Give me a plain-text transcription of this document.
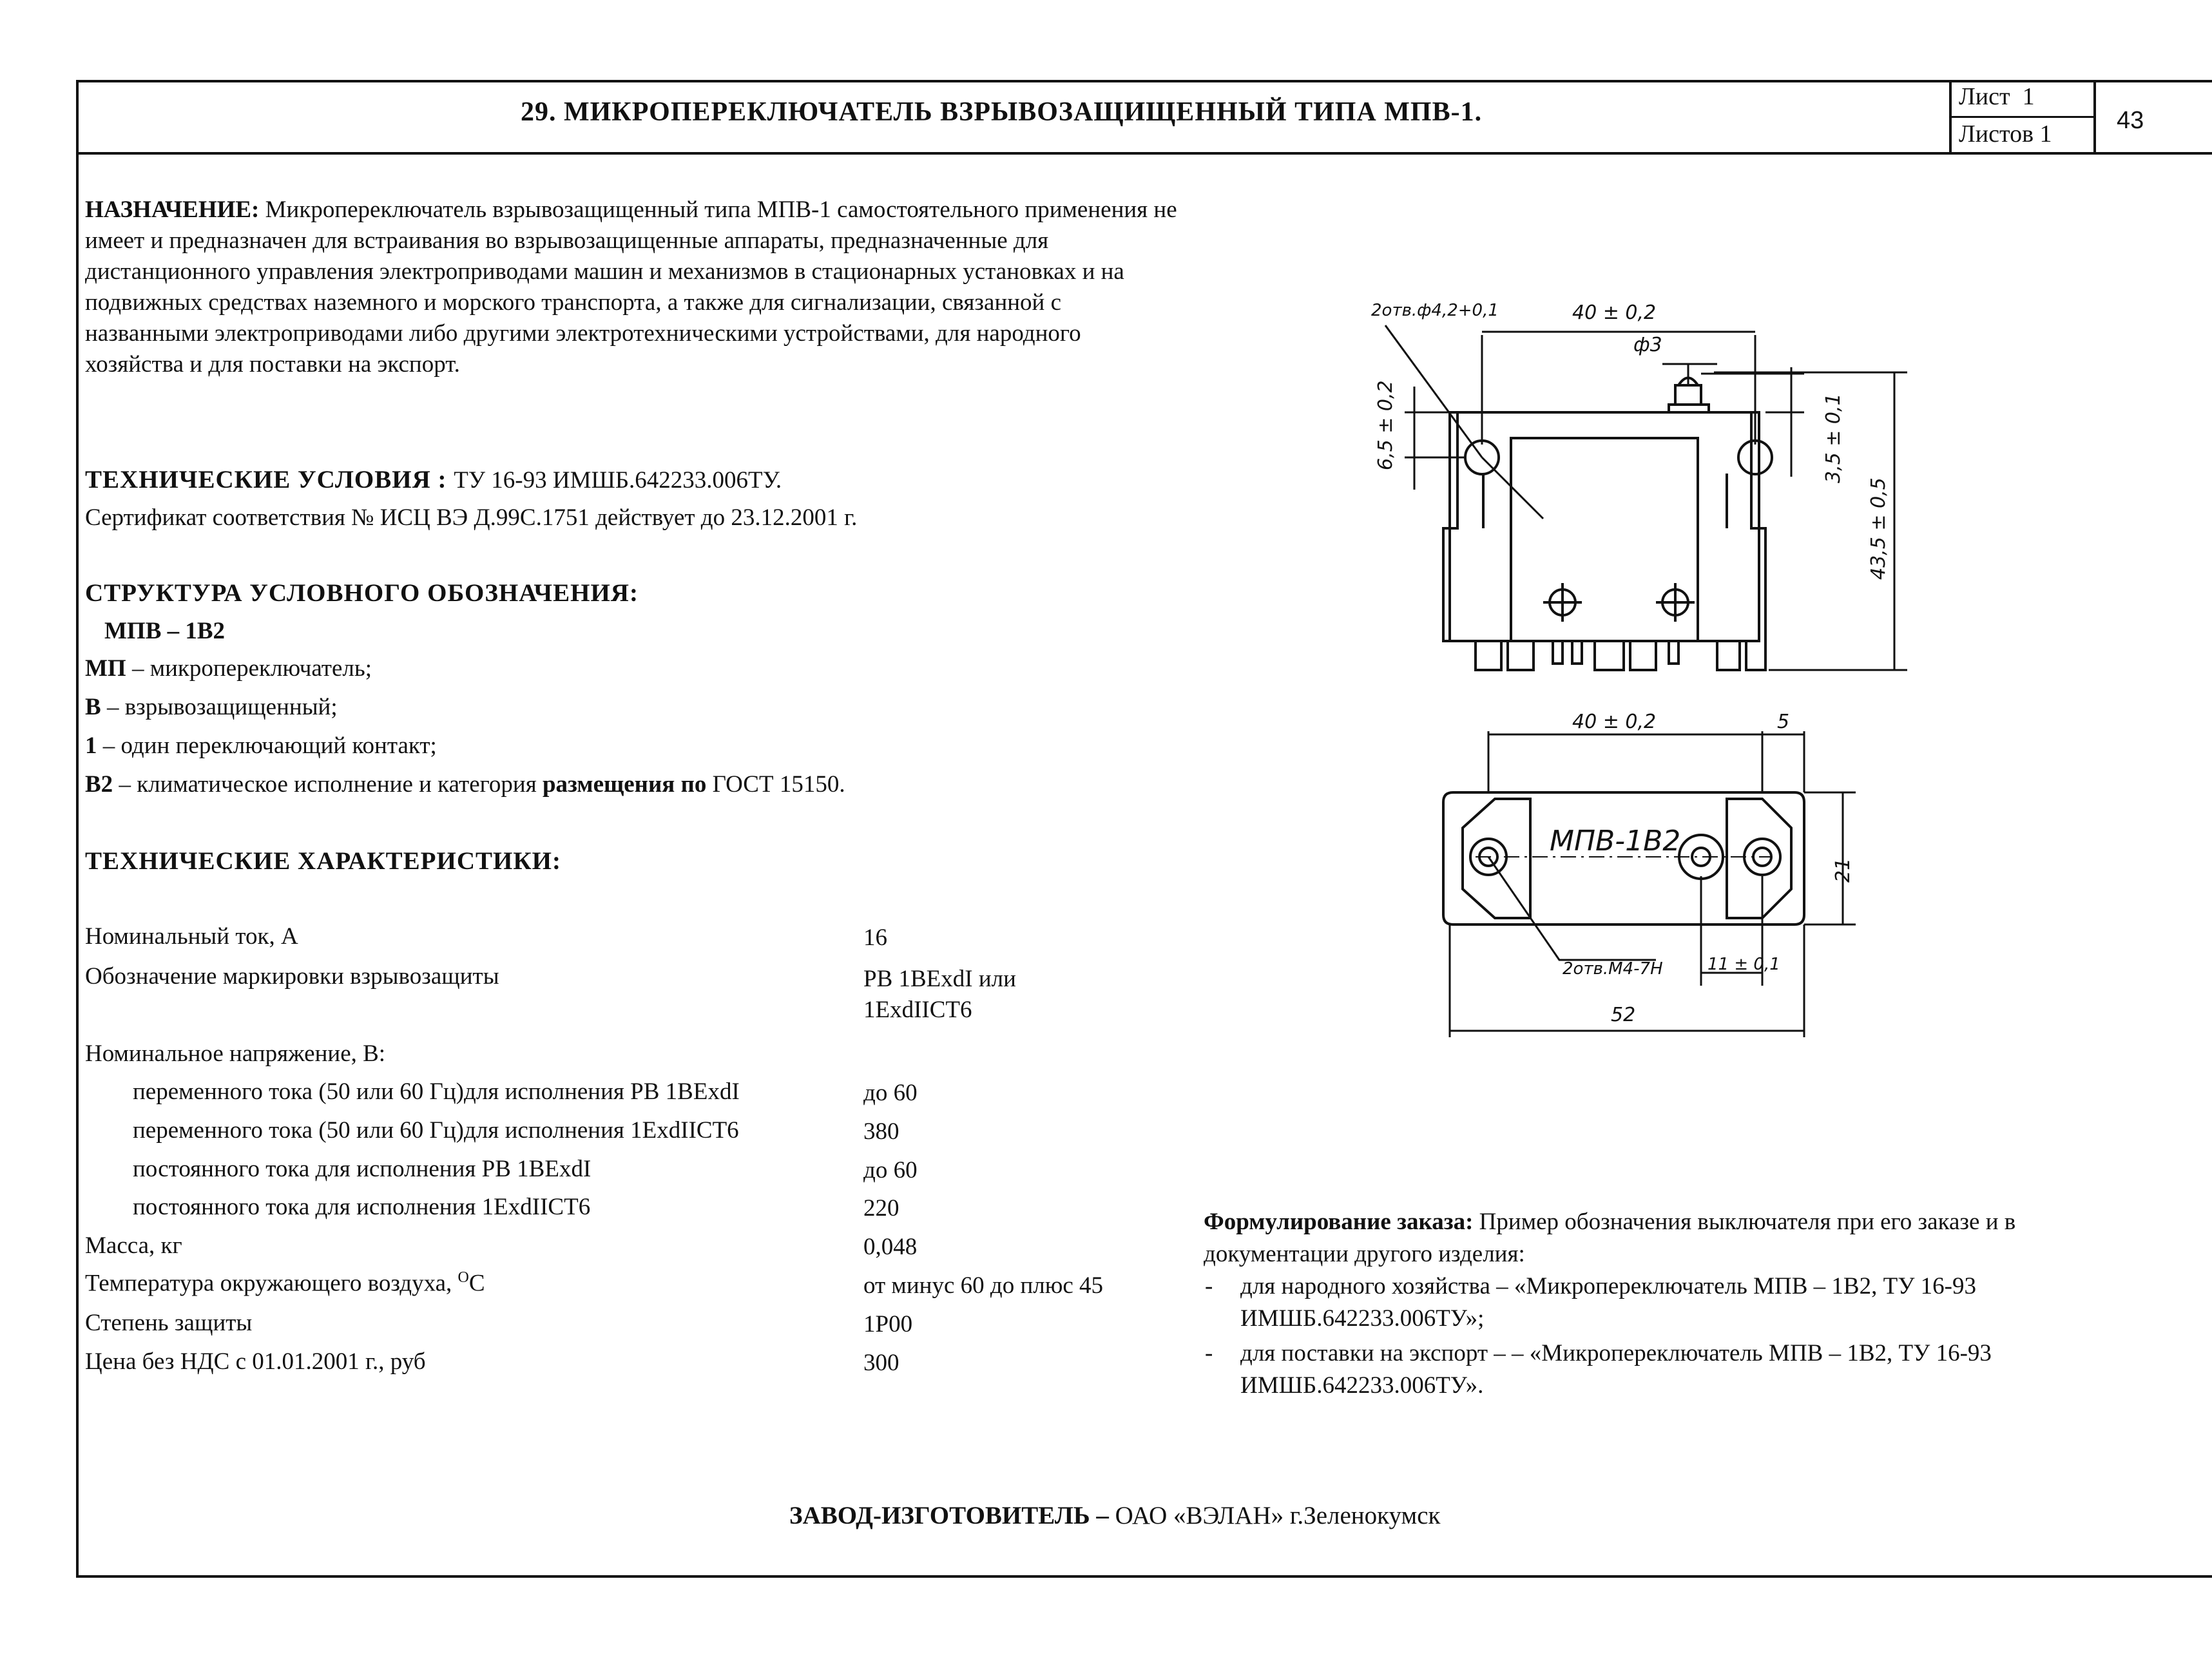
29. МИКРОПЕРЕКЛЮЧАТЕЛЬ ВЗРЫВОЗАЩИЩЕННЫЙ ТИПА МПВ-1.
Лист 1
Листов 1	43
НАЗНАЧЕНИЕ: Микропереключатель взрывозащищенный типа МПВ-1 самостоятельного применения не имеет и предназначен для встраивания во взрывозащищенные аппараты, предназначенные для дистанционного управления электроприводами машин и механизмов в стационарных установках и на подвижных средствах наземного и морского транспорта, а также для сигнализации, связанной с названными электроприводами либо другими электротехническими устройствами, для народного хозяйства и для поставки на экспорт.
ТЕХНИЧЕСКИЕ УСЛОВИЯ : ТУ 16-93 ИМШБ.642233.006ТУ.
Сертификат соответствия № ИСЦ ВЭ Д.99С.1751 действует до 23.12.2001 г.
СТРУКТУРА УСЛОВНОГО ОБОЗНАЧЕНИЯ:
МПВ – 1В2
МП – микропереключатель;
В – взрывозащищенный;
1 – один переключающий контакт;
В2 – климатическое исполнение и категория размещения по ГОСТ 15150.
ТЕХНИЧЕСКИЕ ХАРАКТЕРИСТИКИ:
Номинальный ток, А	16
Обозначение маркировки взрывозащиты	РВ 1ВExdI или
1ExdIICT6
Номинальное напряжение, В:
переменного тока (50 или 60 Гц)для исполнения РВ 1ВExdI	до 60
переменного тока (50 или 60 Гц)для исполнения 1ExdIICT6	380
постоянного тока для исполнения РВ 1ВExdI	до 60
постоянного тока для исполнения 1ExdIICT6	220
Масса, кг	0,048
Температура окружающего воздуха, $^О$С	от минус 60 до плюс 45
Степень защиты	1Р00
Цена без НДС с 01.01.2001 г., руб	300
Формулирование заказа: Пример обозначения выключателя при его заказе и в документации другого изделия:
- для народного хозяйства – «Микропереключатель МПВ – 1В2, ТУ 16-93
ИМШБ.642233.006ТУ»;
- для поставки на экспорт – – «Микропереключатель МПВ – 1В2, ТУ 16-93
ИМШБ.642233.006ТУ».
ЗАВОД-ИЗГОТОВИТЕЛЬ – ОАО «ВЭЛАН» г.Зеленокумск
2отв.ф4,2+0,1	40 ± 0,2
ф3
6,5 ± 0,2	3,5 ± 0,1
43,5 ± 0,5
40 ± 0,2	5
МПВ-1В2
21
2отв.М4-7Н	11 ± 0,1
52
